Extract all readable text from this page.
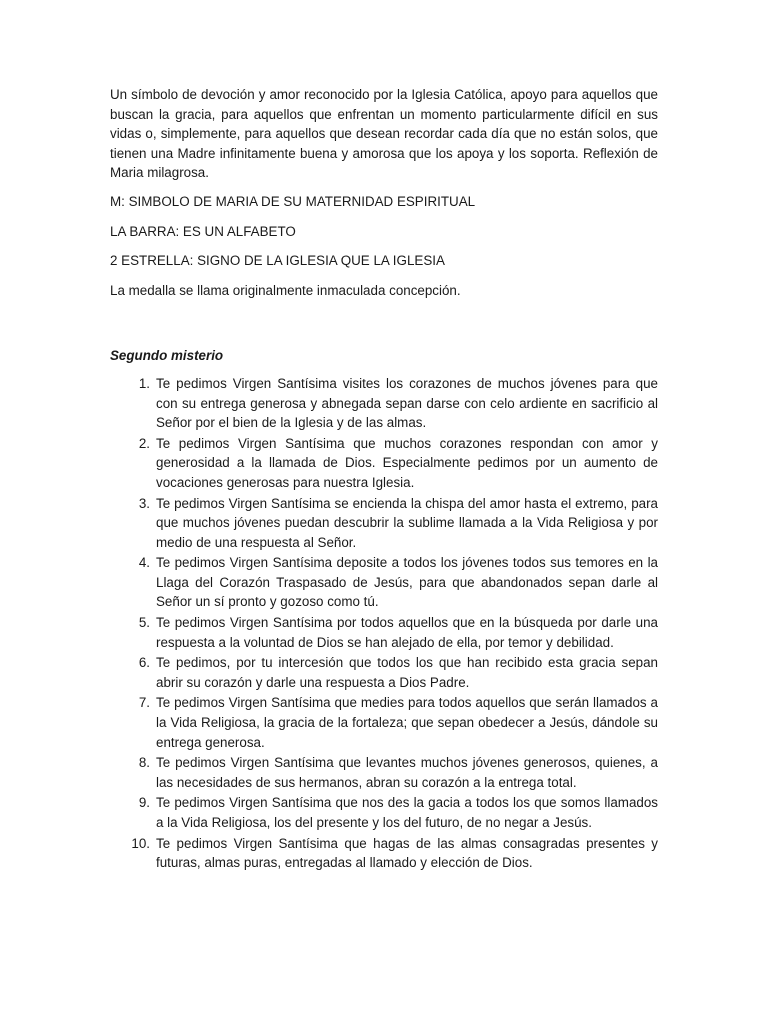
Un símbolo de devoción y amor reconocido por la Iglesia Católica, apoyo para aquellos que buscan la gracia, para aquellos que enfrentan un momento particularmente difícil en sus vidas o, simplemente, para aquellos que desean recordar cada día que no están solos, que tienen una Madre infinitamente buena y amorosa que los apoya y los soporta. Reflexión de Maria milagrosa.

M: SIMBOLO DE MARIA DE SU MATERNIDAD ESPIRITUAL

LA BARRA: ES UN ALFABETO

2 ESTRELLA: SIGNO DE LA IGLESIA QUE LA IGLESIA

La medalla se llama originalmente inmaculada concepción.

Segundo misterio

1. Te pedimos Virgen Santísima visites los corazones de muchos jóvenes para que con su entrega generosa y abnegada sepan darse con celo ardiente en sacrificio al Señor por el bien de la Iglesia y de las almas.
2. Te pedimos Virgen Santísima que muchos corazones respondan con amor y generosidad a la llamada de Dios. Especialmente pedimos por un aumento de vocaciones generosas para nuestra Iglesia.
3. Te pedimos Virgen Santísima se encienda la chispa del amor hasta el extremo, para que muchos jóvenes puedan descubrir la sublime llamada a la Vida Religiosa y por medio de una respuesta al Señor.
4. Te pedimos Virgen Santísima deposite a todos los jóvenes todos sus temores en la Llaga del Corazón Traspasado de Jesús, para que abandonados sepan darle al Señor un sí pronto y gozoso como tú.
5. Te pedimos Virgen Santísima por todos aquellos que en la búsqueda por darle una respuesta a la voluntad de Dios se han alejado de ella, por temor y debilidad.
6. Te pedimos, por tu intercesión que todos los que han recibido esta gracia sepan abrir su corazón y darle una respuesta a Dios Padre.
7. Te pedimos Virgen Santísima que medies para todos aquellos que serán llamados a la Vida Religiosa, la gracia de la fortaleza; que sepan obedecer a Jesús, dándole su entrega generosa.
8. Te pedimos Virgen Santísima que levantes muchos jóvenes generosos, quienes, a las necesidades de sus hermanos, abran su corazón a la entrega total.
9. Te pedimos Virgen Santísima que nos des la gacia a todos los que somos llamados a la Vida Religiosa, los del presente y los del futuro, de no negar a Jesús.
10. Te pedimos Virgen Santísima que hagas de las almas consagradas presentes y futuras, almas puras, entregadas al llamado y elección de Dios.
